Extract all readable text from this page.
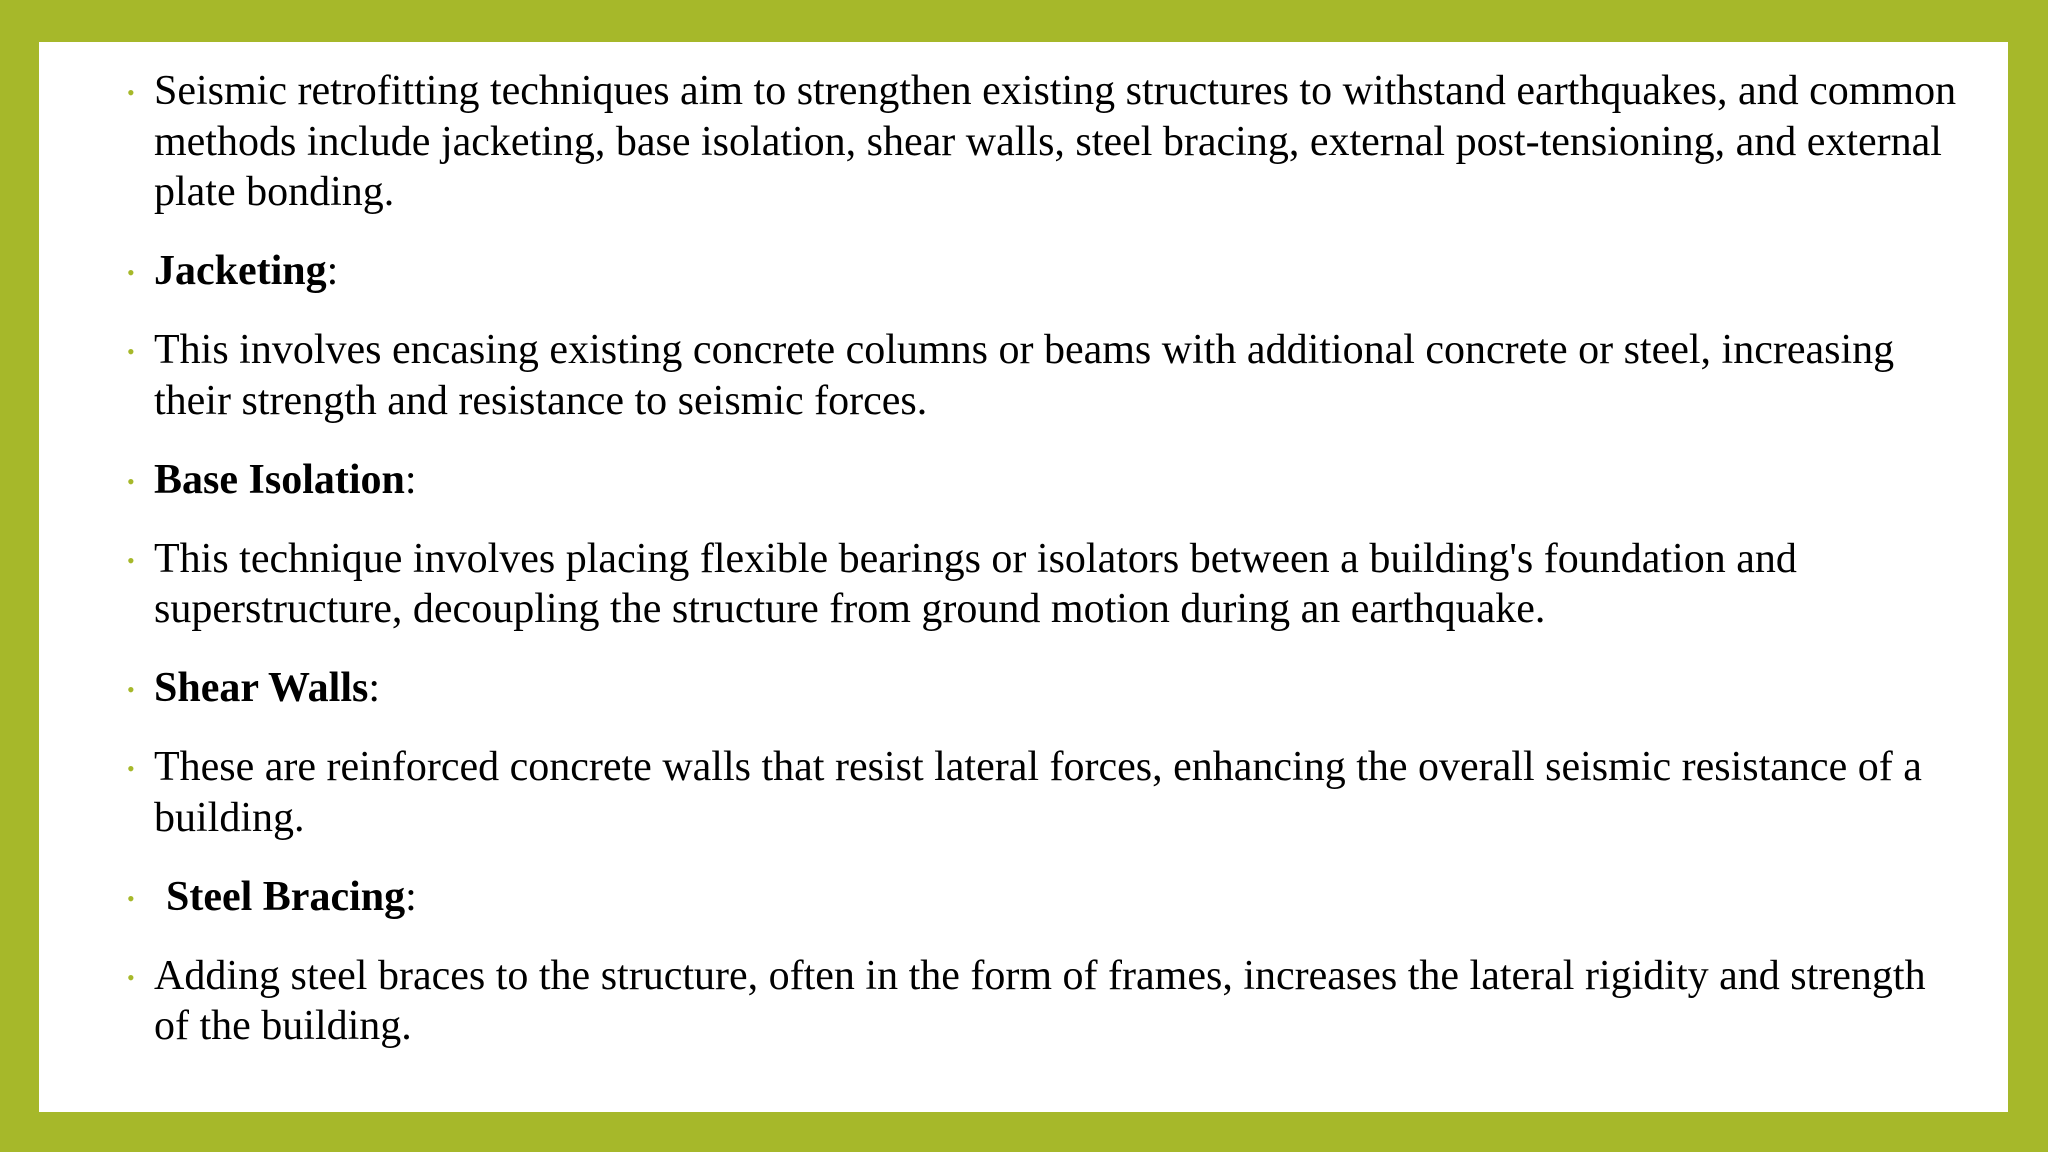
• Seismic retrofitting techniques aim to strengthen existing structures to withstand earthquakes, and common methods include jacketing, base isolation, shear walls, steel bracing, external post-tensioning, and external plate bonding.
• Jacketing:
• This involves encasing existing concrete columns or beams with additional concrete or steel, increasing their strength and resistance to seismic forces.
• Base Isolation:
• This technique involves placing flexible bearings or isolators between a building's foundation and superstructure, decoupling the structure from ground motion during an earthquake.
• Shear Walls:
• These are reinforced concrete walls that resist lateral forces, enhancing the overall seismic resistance of a building.
• Steel Bracing:
• Adding steel braces to the structure, often in the form of frames, increases the lateral rigidity and strength of the building.
